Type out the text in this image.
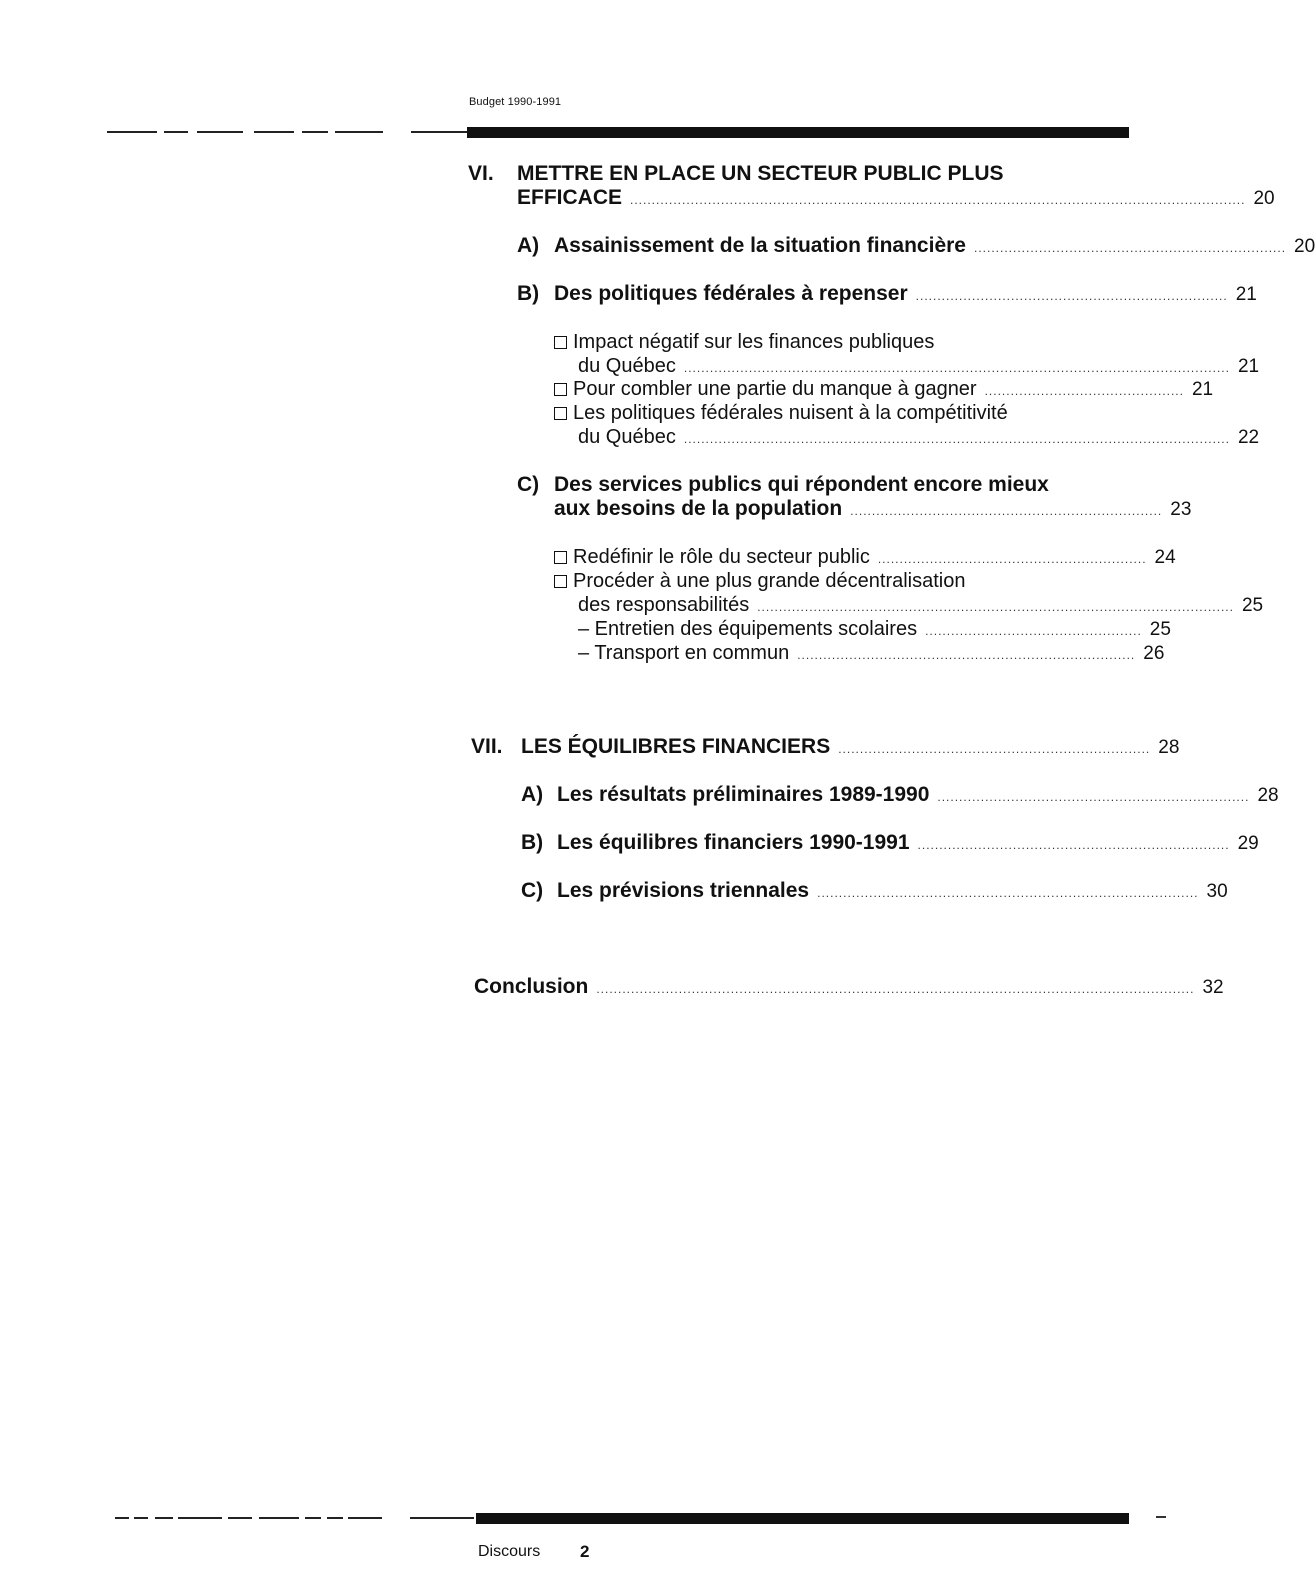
Budget 1990-1991
VI. METTRE EN PLACE UN SECTEUR PUBLIC PLUS
EFFICACE .............................................................................................................................................. 20
A) Assainissement de la situation financière ........................................................................ 20
B) Des politiques fédérales à repenser ........................................................................ 21
Impact négatif sur les finances publiques
du Québec .............................................................................................................................. 21
Pour combler une partie du manque à gagner .............................................. 21
Les politiques fédérales nuisent à la compétitivité
du Québec .............................................................................................................................. 22
C) Des services publics qui répondent encore mieux
aux besoins de la population ........................................................................ 23
Redéfinir le rôle du secteur public .............................................................. 24
Procéder à une plus grande décentralisation
des responsabilités .............................................................................................................. 25
– Entretien des équipements scolaires .................................................. 25
– Transport en commun .............................................................................. 26
VII. LES ÉQUILIBRES FINANCIERS ........................................................................ 28
A) Les résultats préliminaires 1989-1990 ........................................................................ 28
B) Les équilibres financiers 1990-1991 ........................................................................ 29
C) Les prévisions triennales ........................................................................................ 30
Conclusion .......................................................................................................................................... 32
Discours 2
